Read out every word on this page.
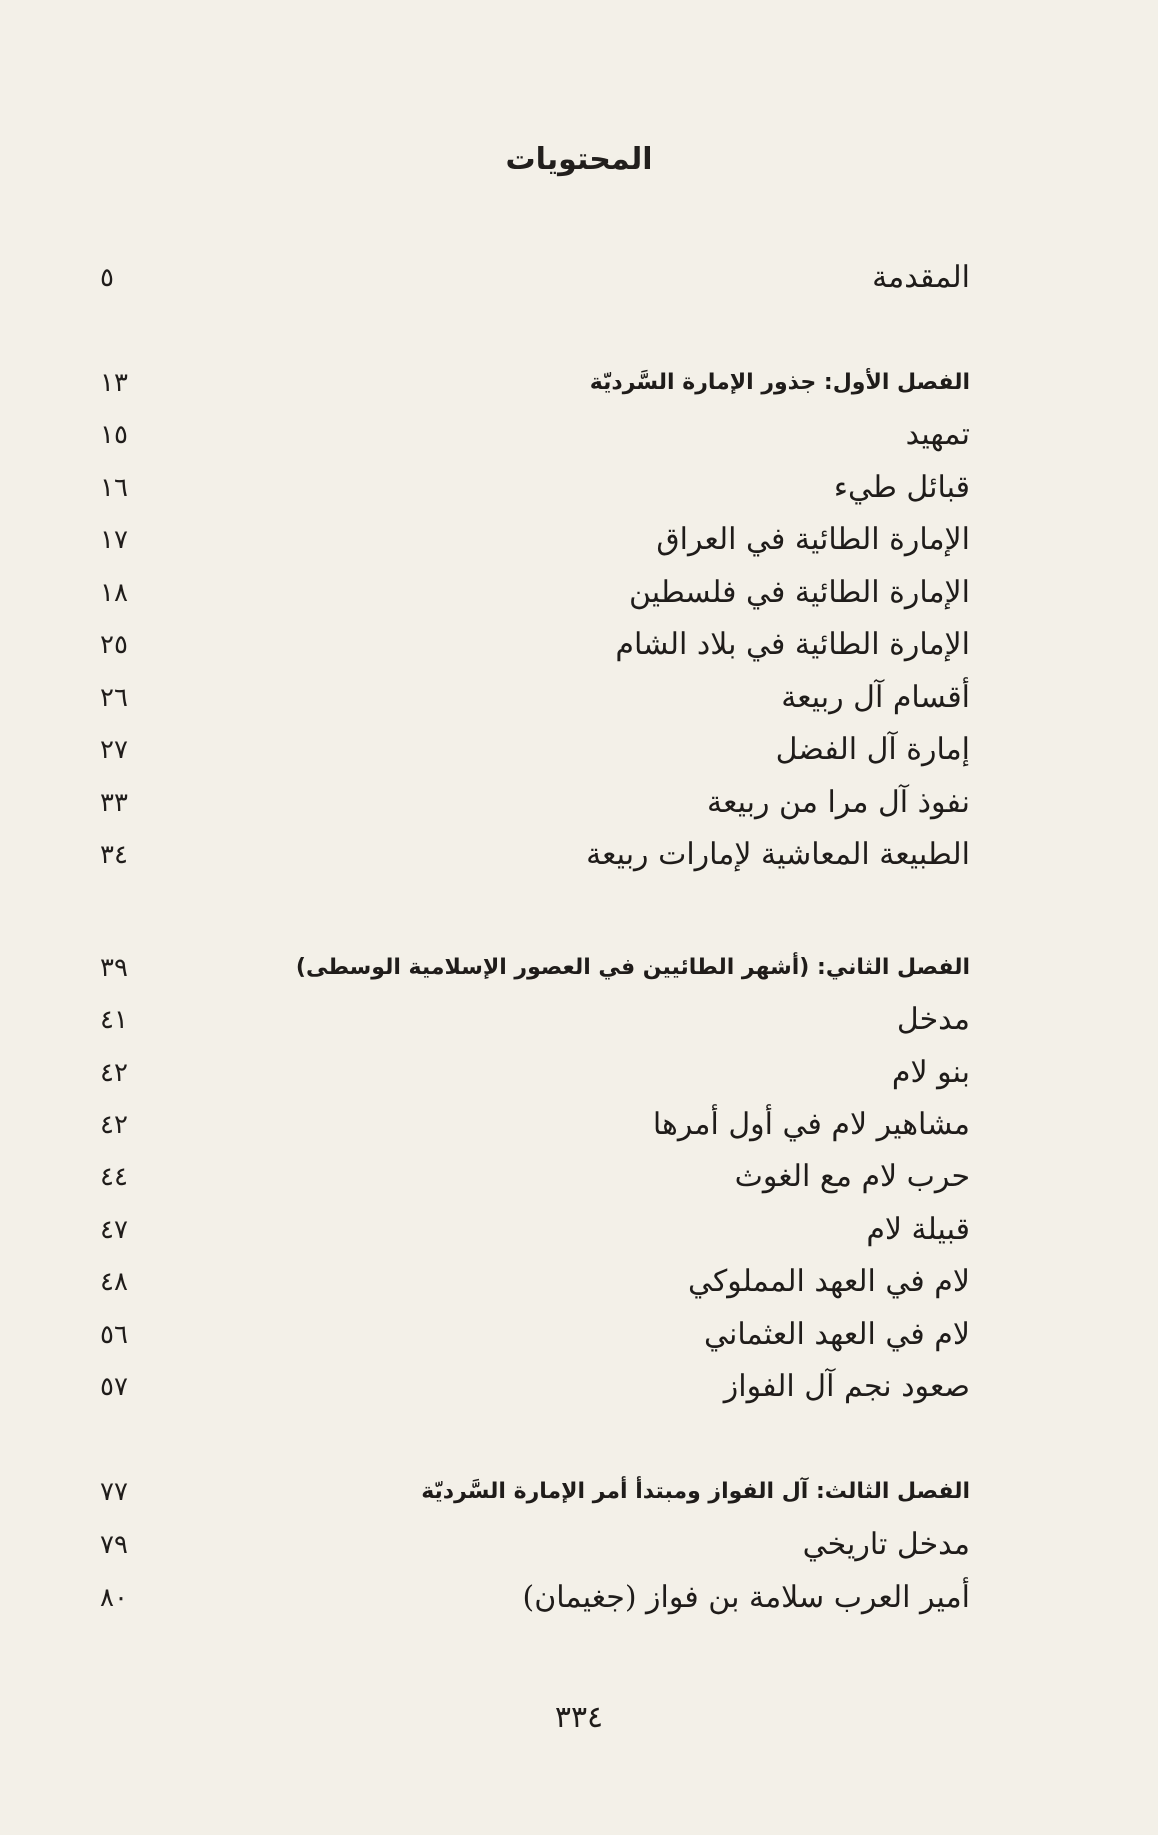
المحتويات
المقدمة
٥
الفصل الأول: جذور الإمارة السَّرديّة
١٣
تمهيد
١٥
قبائل طيء
١٦
الإمارة الطائية في العراق
١٧
الإمارة الطائية في فلسطين
١٨
الإمارة الطائية في بلاد الشام
٢٥
أقسام آل ربيعة
٢٦
إمارة آل الفضل
٢٧
نفوذ آل مرا من ربيعة
٣٣
الطبيعة المعاشية لإمارات ربيعة
٣٤
الفصل الثاني: (أشهر الطائيين في العصور الإسلامية الوسطى)
٣٩
مدخل
٤١
بنو لام
٤٢
مشاهير لام في أول أمرها
٤٢
حرب لام مع الغوث
٤٤
قبيلة لام
٤٧
لام في العهد المملوكي
٤٨
لام في العهد العثماني
٥٦
صعود نجم آل الفواز
٥٧
الفصل الثالث: آل الفواز ومبتدأ أمر الإمارة السَّرديّة
٧٧
مدخل تاريخي
٧٩
أمير العرب سلامة بن فواز (جغيمان)
٨٠
٣٣٤
